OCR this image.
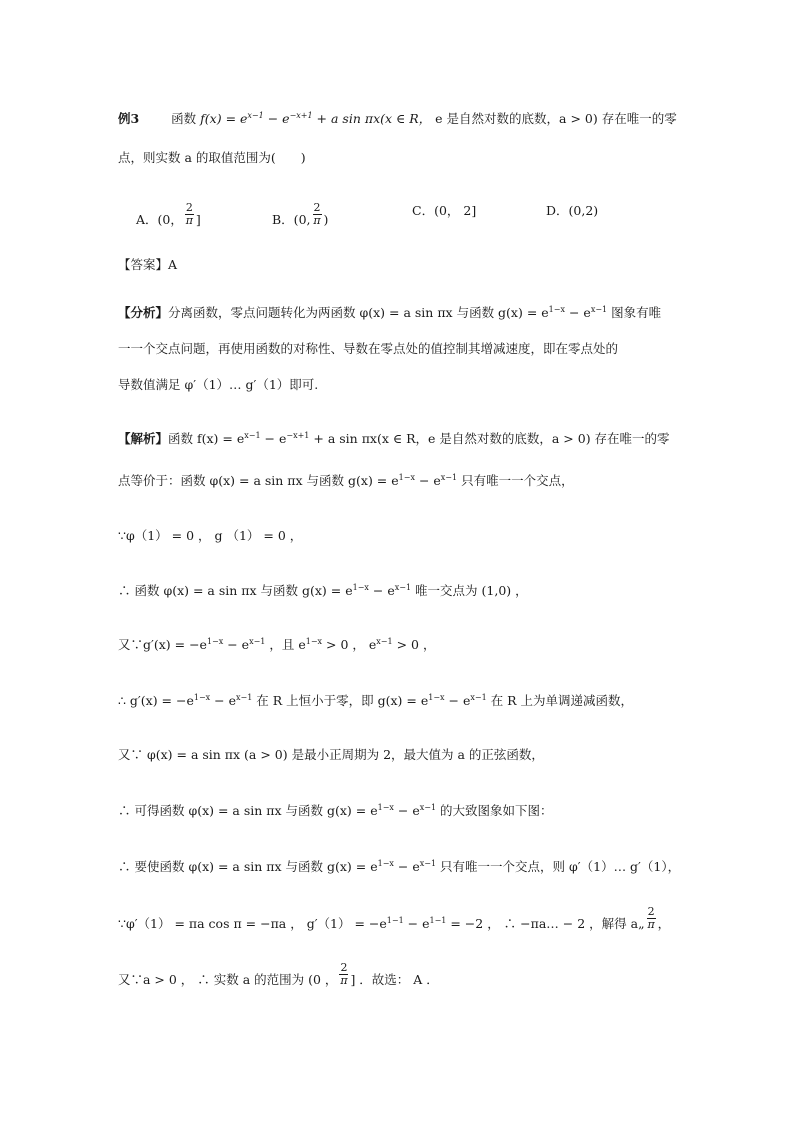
例3	函数 $f(x) = e^{x-1} - e^{-x+1} + a$ sin πx(x ∈ R， e 是自然对数的底数，a > 0) 存在唯一的零
点，则实数 a 的取值范围为(　　)
A．(0， $\frac{2}{\pi}$ ]	B．(0, $\frac{2}{\pi}$ )
C．(0， 2]	D．(0,2)
【答案】A
【分析】分离函数，零点问题转化为两函数 φ(x) = a sin πx 与函数 $g(x) = e^{1-x} - e^{x-1}$ 图象有唯
一一个交点问题，再使用函数的对称性、导数在零点处的值控制其增减速度，即在零点处的
导数值满足 φ′（1）… g′（1）即可.
【解析】函数 $f(x) = e^{x-1} - e^{-x+1} + a$ sin πx(x ∈ R，e 是自然对数的底数，a > 0) 存在唯一的零
点等价于：函数 φ(x) = a sin πx 与函数 $g(x) = e^{1-x} - e^{x-1}$ 只有唯一一个交点，
∵φ（1） = 0 ， g （1） = 0 ，
∴ 函数 φ(x) = a sin πx 与函数 $g(x) = e^{1-x} - e^{x-1}$ 唯一交点为 (1,0) ，
又∵g′(x) = $-e^{1-x} - e^{x-1}$ ，且 $e^{1-x} > 0$ ， $e^{x-1} > 0$ ，
∴ $g'(x) = -e^{1-x} - e^{x-1}$ 在 R 上恒小于零，即 $g(x) = e^{1-x} - e^{x-1}$ 在 R 上为单调递减函数，
又∵ φ(x) = a sin πx (a > 0) 是最小正周期为 2，最大值为 a 的正弦函数，
∴ 可得函数 φ(x) = a sin πx 与函数 $g(x) = e^{1-x} - e^{x-1}$ 的大致图象如下图：
∴ 要使函数 φ(x) = a sin πx 与函数 $g(x) = e^{1-x} - e^{x-1}$ 只有唯一一个交点，则 φ′（1）… g′（1），
∵φ′（1） = πa cos π = −πa ， $g'(1) = -e^{1-1} - e^{1-1} = -2$ ， ∴ −πa… − 2 ，解得 a„ $\frac{2}{\pi}$ ，
又∵a > 0 ， ∴ 实数 a 的范围为 (0 ， $\frac{2}{\pi}$ ] ．故选： A ．
